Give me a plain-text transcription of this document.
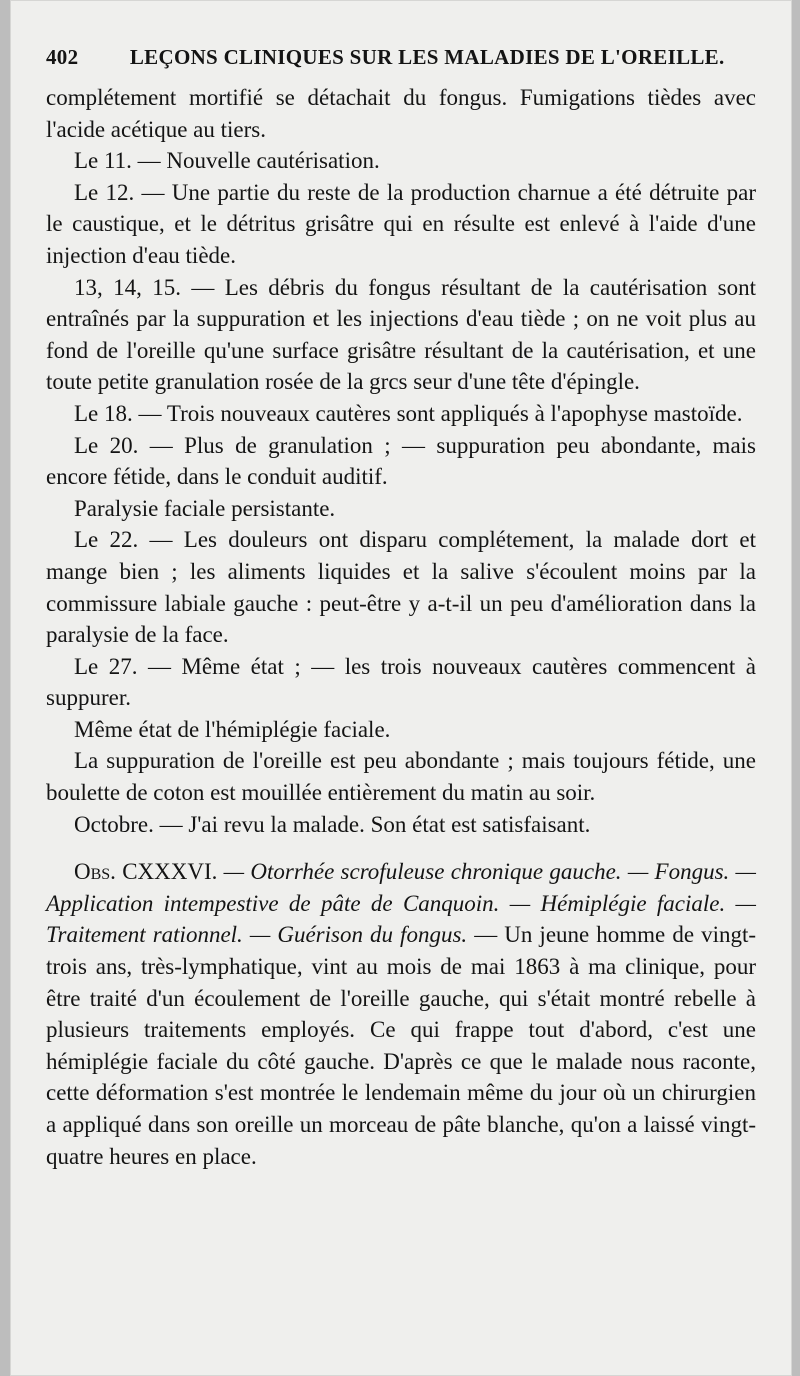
402	LEÇONS CLINIQUES SUR LES MALADIES DE L'OREILLE.

complétement mortifié se détachait du fongus. Fumigations tièdes avec l'acide acétique au tiers.

Le 11. — Nouvelle cautérisation.

Le 12. — Une partie du reste de la production charnue a été détruite par le caustique, et le détritus grisâtre qui en résulte est enlevé à l'aide d'une injection d'eau tiède.

13, 14, 15. — Les débris du fongus résultant de la cautérisation sont entraînés par la suppuration et les injections d'eau tiède ; on ne voit plus au fond de l'oreille qu'une surface grisâtre résultant de la cautérisation, et une toute petite granulation rosée de la grcs seur d'une tête d'épingle.

Le 18. — Trois nouveaux cautères sont appliqués à l'apophyse mastoïde.

Le 20. — Plus de granulation ; — suppuration peu abondante, mais encore fétide, dans le conduit auditif.

Paralysie faciale persistante.

Le 22. — Les douleurs ont disparu complétement, la malade dort et mange bien ; les aliments liquides et la salive s'écoulent moins par la commissure labiale gauche : peut-être y a-t-il un peu d'amélioration dans la paralysie de la face.

Le 27. — Même état ; — les trois nouveaux cautères commencent à suppurer.

Même état de l'hémiplégie faciale.

La suppuration de l'oreille est peu abondante ; mais toujours fétide, une boulette de coton est mouillée entièrement du matin au soir.

Octobre. — J'ai revu la malade. Son état est satisfaisant.

Obs. CXXXVI. — Otorrhée scrofuleuse chronique gauche. — Fongus. — Application intempestive de pâte de Canquoin. — Hémiplégie faciale. — Traitement rationnel. — Guérison du fongus. — Un jeune homme de vingt-trois ans, très-lymphatique, vint au mois de mai 1863 à ma clinique, pour être traité d'un écoulement de l'oreille gauche, qui s'était montré rebelle à plusieurs traitements employés. Ce qui frappe tout d'abord, c'est une hémiplégie faciale du côté gauche. D'après ce que le malade nous raconte, cette déformation s'est montrée le lendemain même du jour où un chirurgien a appliqué dans son oreille un morceau de pâte blanche, qu'on a laissé vingt-quatre heures en place.
